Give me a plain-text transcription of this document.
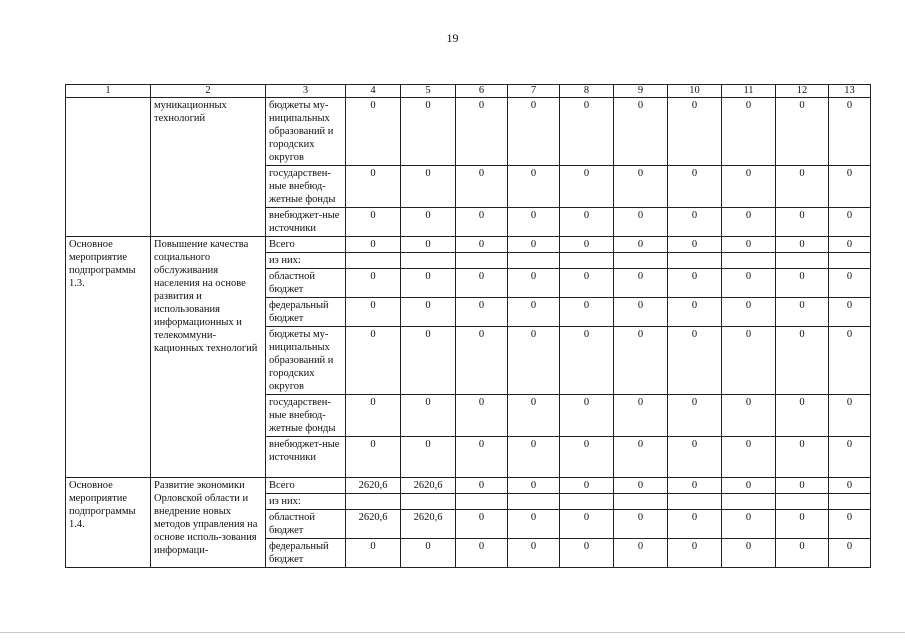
19
1	2	3	4	5	6	7	8	9	10	11	12	13
	муникационных технологий	бюджеты му-ниципальных образований и городских округов	0	0	0	0	0	0	0	0	0	0
		государствен-ные внебюд-жетные фонды	0	0	0	0	0	0	0	0	0	0
		внебюджет-ные источники	0	0	0	0	0	0	0	0	0	0
Основное мероприятие подпрограммы 1.3.	Повышение качества социального обслуживания населения на основе развития и использования информационных и телекоммуни-кационных технологий	Всего	0	0	0	0	0	0	0	0	0	0
		из них:										
		областной бюджет	0	0	0	0	0	0	0	0	0	0
		федеральный бюджет	0	0	0	0	0	0	0	0	0	0
		бюджеты му-ниципальных образований и городских округов	0	0	0	0	0	0	0	0	0	0
		государствен-ные внебюд-жетные фонды	0	0	0	0	0	0	0	0	0	0
		внебюджет-ные источники	0	0	0	0	0	0	0	0	0	0
Основное мероприятие подпрограммы 1.4.	Развитие экономики Орловской области и внедрение новых методов управления на основе исполь-зования информаци-	Всего	2620,6	2620,6	0	0	0	0	0	0	0	0
		из них:										
		областной бюджет	2620,6	2620,6	0	0	0	0	0	0	0	0
		федеральный бюджет	0	0	0	0	0	0	0	0	0	0
